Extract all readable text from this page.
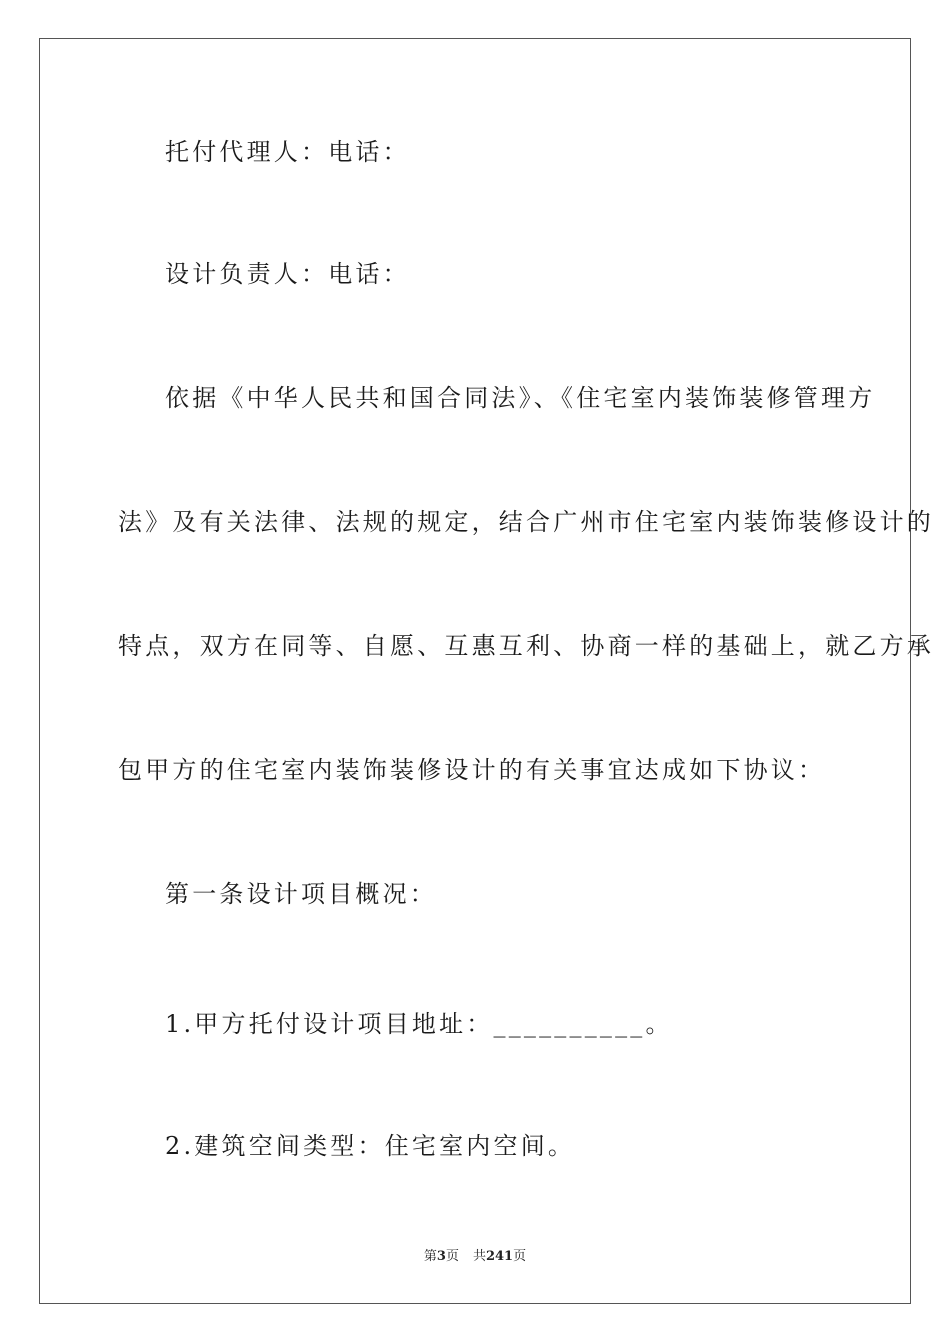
托付代理人：电话：
设计负责人：电话：
依据《中华人民共和国合同法》、《住宅室内装饰装修管理方
法》及有关法律、法规的规定，结合广州市住宅室内装饰装修设计的
特点，双方在同等、自愿、互惠互利、协商一样的基础上，就乙方承
包甲方的住宅室内装饰装修设计的有关事宜达成如下协议：
第一条设计项目概况：
1.甲方托付设计项目地址：__________。
2.建筑空间类型：住宅室内空间。
第3页 共241页
